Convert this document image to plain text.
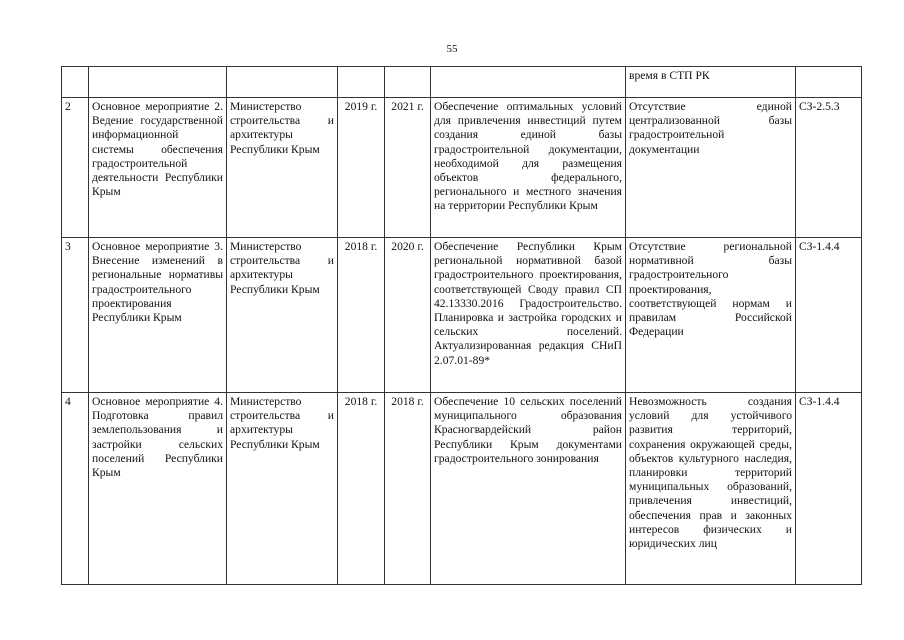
55
						время в СТП РК	
2	Основное мероприятие 2. Ведение государственной информационной системы обеспечения градостроительной деятельности Республики Крым	Министерство строительства и архитектуры Республики Крым	2019 г.	2021 г.	Обеспечение оптимальных условий для привлечения инвестиций путем создания единой базы градостроительной документации, необходимой для размещения объектов федерального, регионального и местного значения на территории Республики Крым	Отсутствие единой централизованной базы градостроительной документации	СЗ-2.5.3
3	Основное мероприятие 3. Внесение изменений в региональные нормативы градостроительного проектирования Республики Крым	Министерство строительства и архитектуры Республики Крым	2018 г.	2020 г.	Обеспечение Республики Крым региональной нормативной базой градостроительного проектирования, соответствующей Своду правил СП 42.13330.2016 Градостроительство. Планировка и застройка городских и сельских поселений. Актуализированная редакция СНиП 2.07.01-89*	Отсутствие региональной нормативной базы градостроительного проектирования, соответствующей нормам и правилам Российской Федерации	СЗ-1.4.4
4	Основное мероприятие 4. Подготовка правил землепользования и застройки сельских поселений Республики Крым	Министерство строительства и архитектуры Республики Крым	2018 г.	2018 г.	Обеспечение 10 сельских поселений муниципального образования Красногвардейский район Республики Крым документами градостроительного зонирования	Невозможность создания условий для устойчивого развития территорий, сохранения окружающей среды, объектов культурного наследия, планировки территорий муниципальных образований, привлечения инвестиций, обеспечения прав и законных интересов физических и юридических лиц	СЗ-1.4.4
